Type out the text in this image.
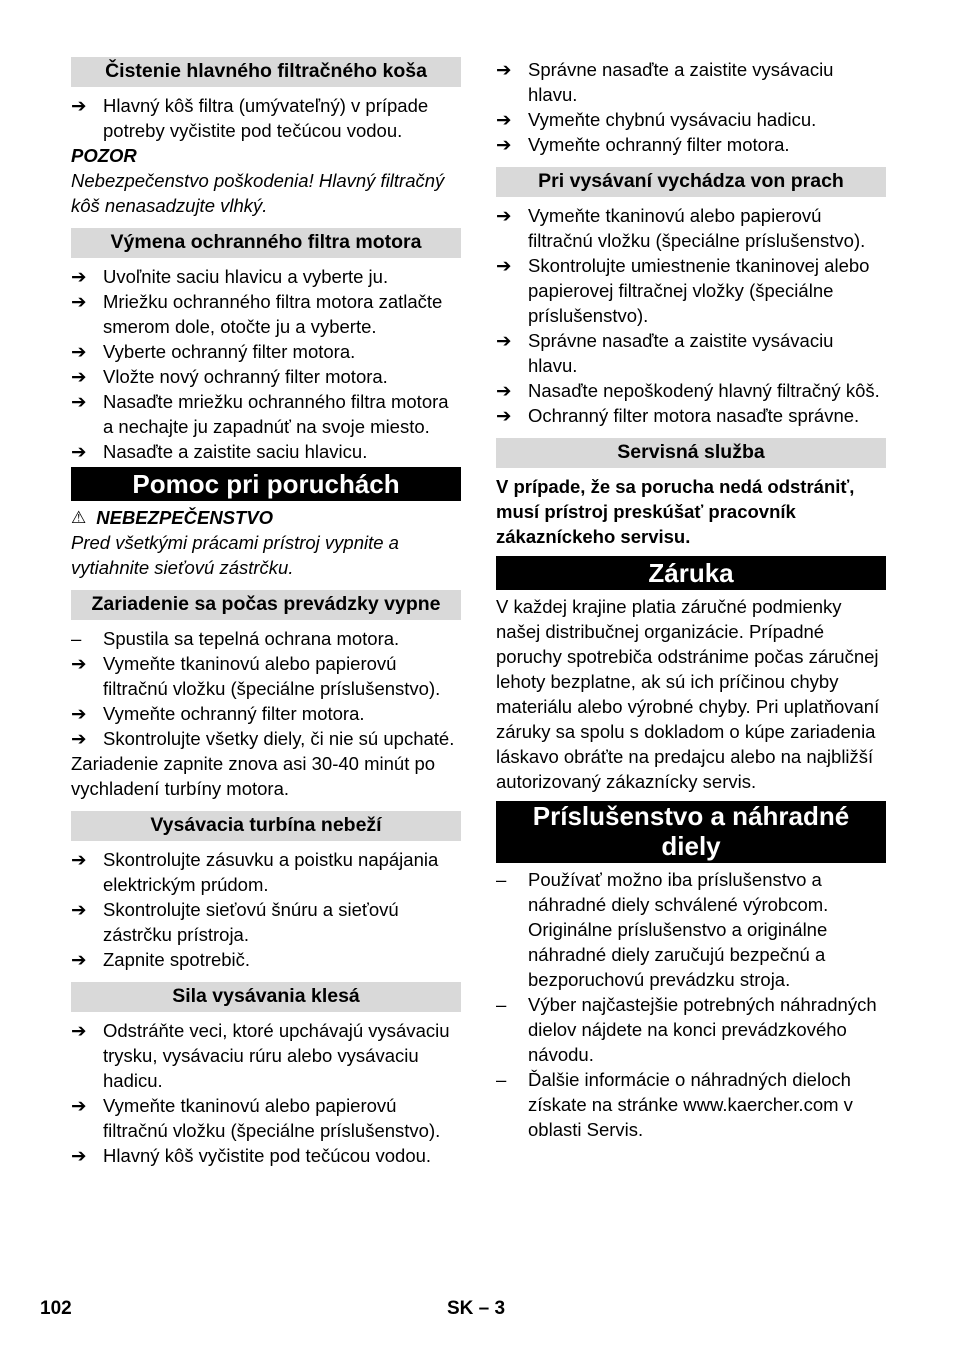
Čistenie hlavného filtračného koša
➔ Hlavný kôš filtra (umývateľný) v prípade potreby vyčistite pod tečúcou vodou.
POZOR
Nebezpečenstvo poškodenia! Hlavný filtračný kôš nenasadzujte vlhký.
Výmena ochranného filtra motora
➔ Uvoľnite saciu hlavicu a vyberte ju.
➔ Mriežku ochranného filtra motora zatlačte smerom dole, otočte ju a vyberte.
➔ Vyberte ochranný filter motora.
➔ Vložte nový ochranný filter motora.
➔ Nasaďte mriežku ochranného filtra motora a nechajte ju zapadnúť na svoje miesto.
➔ Nasaďte a zaistite saciu hlavicu.
Pomoc pri poruchách
⚠ NEBEZPEČENSTVO
Pred všetkými prácami prístroj vypnite a vytiahnite sieťovú zástrčku.
Zariadenie sa počas prevádzky vypne
–	Spustila sa tepelná ochrana motora.
➔ Vymeňte tkaninovú alebo papierovú filtračnú vložku (špeciálne príslušenstvo).
➔ Vymeňte ochranný filter motora.
➔ Skontrolujte všetky diely, či nie sú upchaté.
Zariadenie zapnite znova asi 30-40 minút po vychladení turbíny motora.
Vysávacia turbína nebeží
➔ Skontrolujte zásuvku a poistku napájania elektrickým prúdom.
➔ Skontrolujte sieťovú šnúru a sieťovú zástrčku prístroja.
➔ Zapnite spotrebič.
Sila vysávania klesá
➔ Odstráňte veci, ktoré upchávajú vysávaciu trysku, vysávaciu rúru alebo vysávaciu hadicu.
➔ Vymeňte tkaninovú alebo papierovú filtračnú vložku (špeciálne príslušenstvo).
➔ Hlavný kôš vyčistite pod tečúcou vodou.
➔ Správne nasaďte a zaistite vysávaciu hlavu.
➔ Vymeňte chybnú vysávaciu hadicu.
➔ Vymeňte ochranný filter motora.
Pri vysávaní vychádza von prach
➔ Vymeňte tkaninovú alebo papierovú filtračnú vložku (špeciálne príslušenstvo).
➔ Skontrolujte umiestnenie tkaninovej alebo papierovej filtračnej vložky (špeciálne príslušenstvo).
➔ Správne nasaďte a zaistite vysávaciu hlavu.
➔ Nasaďte nepoškodený hlavný filtračný kôš.
➔ Ochranný filter motora nasaďte správne.
Servisná služba
V prípade, že sa porucha nedá odstrániť, musí prístroj preskúšať pracovník zákazníckeho servisu.
Záruka
V každej krajine platia záručné podmienky našej distribučnej organizácie. Prípadné poruchy spotrebiča odstránime počas záručnej lehoty bezplatne, ak sú ich príčinou chyby materiálu alebo výrobné chyby. Pri uplatňovaní záruky sa spolu s dokladom o kúpe zariadenia láskavo obráťte na predajcu alebo na najbližší autorizovaný zákaznícky servis.
Príslušenstvo a náhradné diely
–	Používať možno iba príslušenstvo a náhradné diely schválené výrobcom. Originálne príslušenstvo a originálne náhradné diely zaručujú bezpečnú a bezporuchovú prevádzku stroja.
–	Výber najčastejšie potrebných náhradných dielov nájdete na konci prevádzkového návodu.
–	Ďalšie informácie o náhradných dieloch získate na stránke www.kaercher.com v oblasti Servis.
102	SK – 3
